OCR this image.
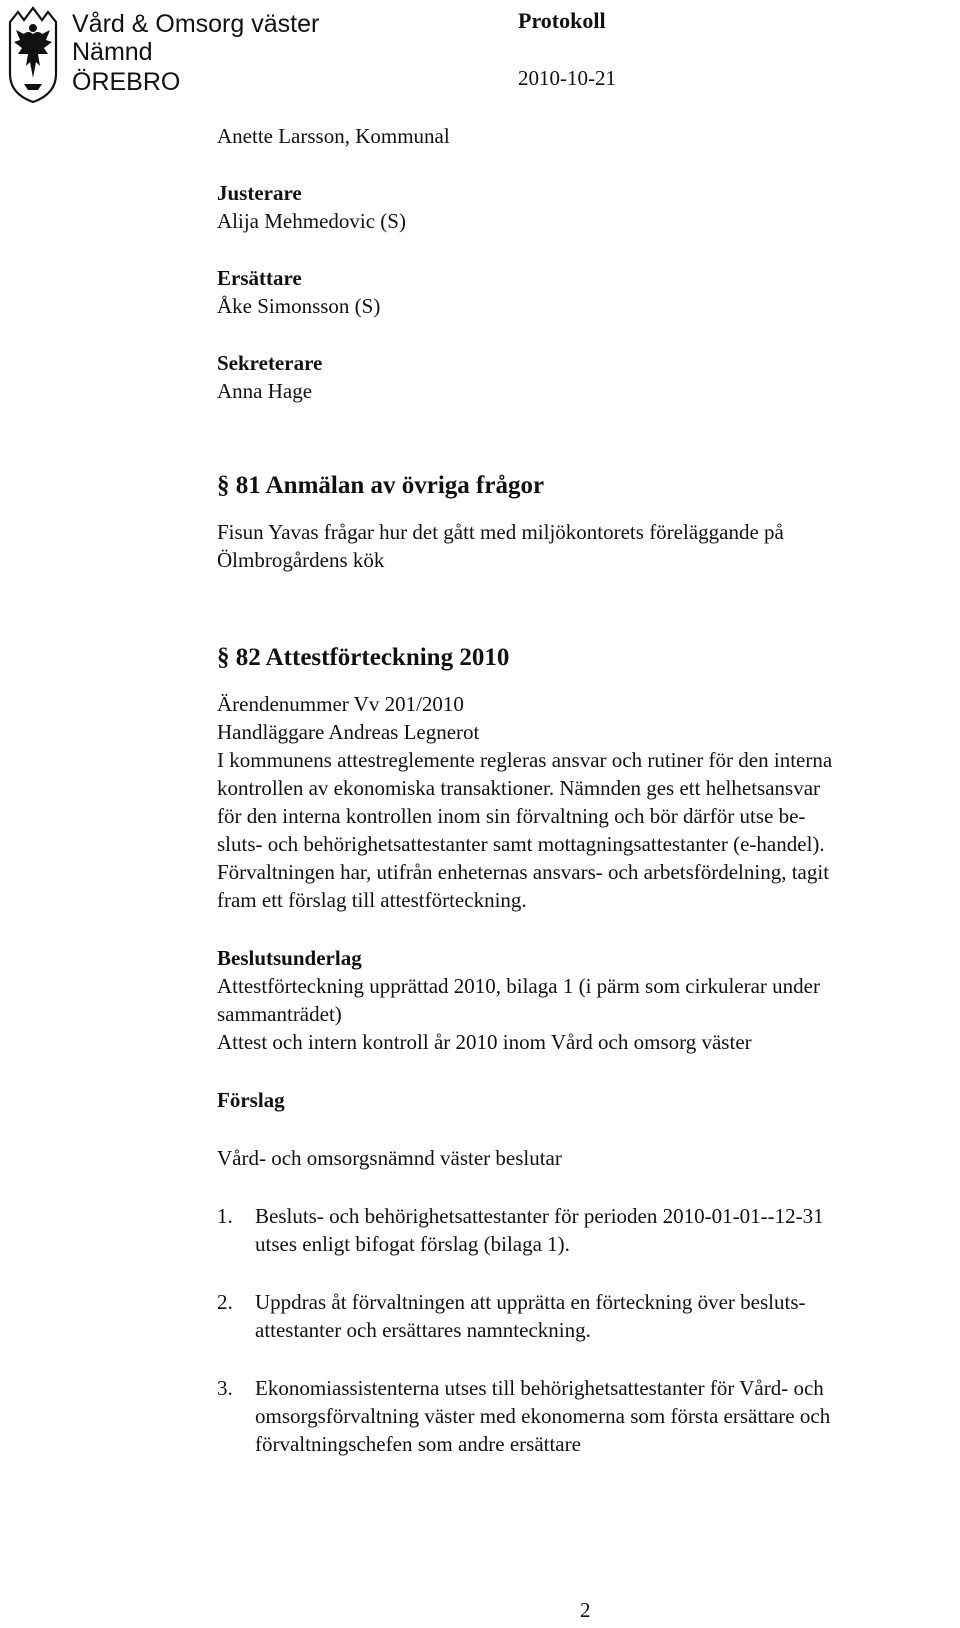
Vård & Omsorg väster
Nämnd
ÖREBRO
Protokoll
2010-10-21
Anette Larsson, Kommunal
Justerare
Alija Mehmedovic (S)
Ersättare
Åke Simonsson (S)
Sekreterare
Anna Hage
§ 81 Anmälan av övriga frågor
Fisun Yavas frågar hur det gått med miljökontorets föreläggande på
Ölmbrogårdens kök
§ 82 Attestförteckning 2010
Ärendenummer Vv 201/2010
Handläggare Andreas Legnerot
I kommunens attestreglemente regleras ansvar och rutiner för den interna
kontrollen av ekonomiska transaktioner. Nämnden ges ett helhetsansvar
för den interna kontrollen inom sin förvaltning och bör därför utse be-
sluts- och behörighetsattestanter samt mottagningsattestanter (e-handel).
Förvaltningen har, utifrån enheternas ansvars- och arbetsfördelning, tagit
fram ett förslag till attestförteckning.
Beslutsunderlag
Attestförteckning upprättad 2010, bilaga 1 (i pärm som cirkulerar under
sammanträdet)
Attest och intern kontroll år 2010 inom Vård och omsorg väster
Förslag
Vård- och omsorgsnämnd väster beslutar
1. Besluts- och behörighetsattestanter för perioden 2010-01-01--12-31
utses enligt bifogat förslag (bilaga 1).
2. Uppdras åt förvaltningen att upprätta en förteckning över besluts-
attestanter och ersättares namnteckning.
3. Ekonomiassistenterna utses till behörighetsattestanter för Vård- och
omsorgsförvaltning väster med ekonomerna som första ersättare och
förvaltningschefen som andre ersättare
2
